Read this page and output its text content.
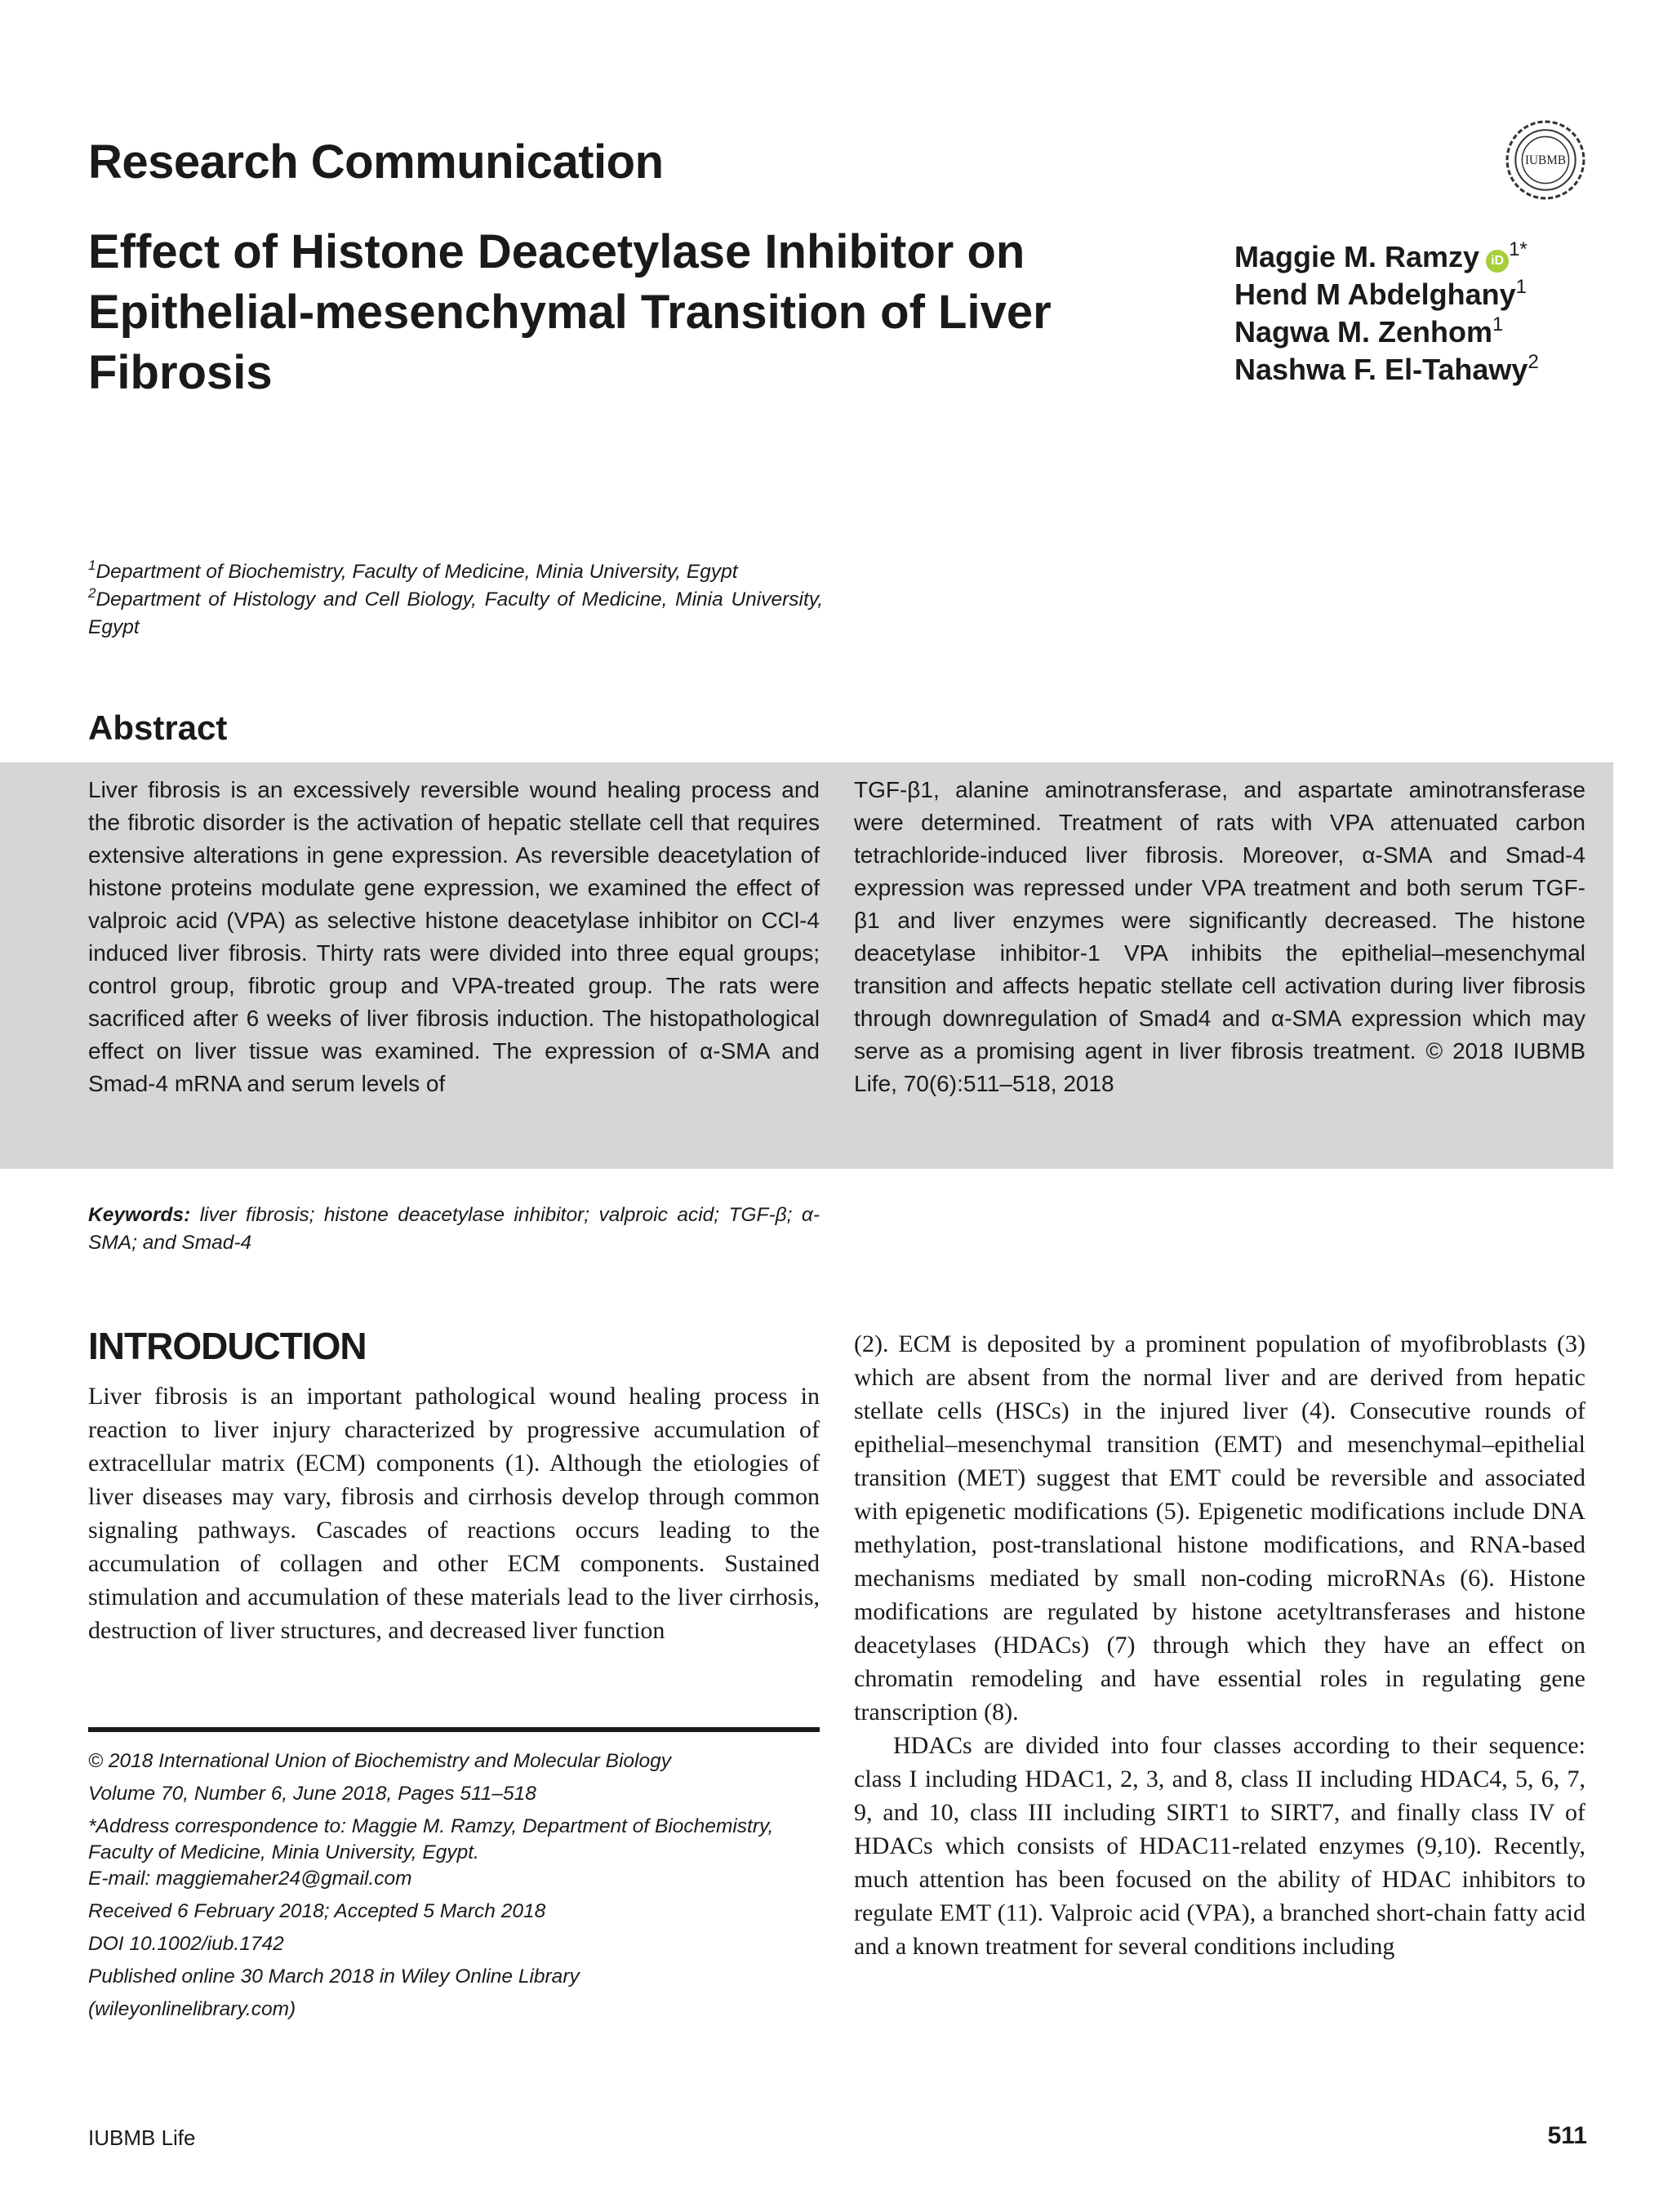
Research Communication	IUBMB
Effect of Histone Deacetylase Inhibitor on Epithelial-mesenchymal Transition of Liver Fibrosis
Maggie M. Ramzy $iD^{1*}$
Hend M Abdelghany$^1$
Nagwa M. Zenhom$^1$
Nashwa F. El-Tahawy$^2$

$^1$Department of Biochemistry, Faculty of Medicine, Minia University, Egypt

$^2$Department of Histology and Cell Biology, Faculty of Medicine, Minia University, Egypt

Abstract

Liver fibrosis is an excessively reversible wound healing process and the fibrotic disorder is the activation of hepatic stellate cell that requires extensive alterations in gene expression. As reversible deacetylation of histone proteins modulate gene expression, we examined the effect of valproic acid (VPA) as selective histone deacetylase inhibitor on CCl-4 induced liver fibrosis. Thirty rats were divided into three equal groups; control group, fibrotic group and VPA-treated group. The rats were sacrificed after 6 weeks of liver fibrosis induction. The histopathological effect on liver tissue was examined. The expression of α-SMA and Smad-4 mRNA and serum levels of

TGF-β1, alanine aminotransferase, and aspartate aminotransferase were determined. Treatment of rats with VPA attenuated carbon tetrachloride-induced liver fibrosis. Moreover, α-SMA and Smad-4 expression was repressed under VPA treatment and both serum TGF-β1 and liver enzymes were significantly decreased. The histone deacetylase inhibitor-1 VPA inhibits the epithelial–mesenchymal transition and affects hepatic stellate cell activation during liver fibrosis through downregulation of Smad4 and α-SMA expression which may serve as a promising agent in liver fibrosis treatment. © 2018 IUBMB Life, 70(6):511–518, 2018

Keywords: liver fibrosis; histone deacetylase inhibitor; valproic acid; TGF-β; α-SMA; and Smad-4
INTRODUCTION

Liver fibrosis is an important pathological wound healing process in reaction to liver injury characterized by progressive accumulation of extracellular matrix (ECM) components (1). Although the etiologies of liver diseases may vary, fibrosis and cirrhosis develop through common signaling pathways. Cascades of reactions occurs leading to the accumulation of collagen and other ECM components. Sustained stimulation and accumulation of these materials lead to the liver cirrhosis, destruction of liver structures, and decreased liver function

(2). ECM is deposited by a prominent population of myofibroblasts (3) which are absent from the normal liver and are derived from hepatic stellate cells (HSCs) in the injured liver (4). Consecutive rounds of epithelial–mesenchymal transition (EMT) and mesenchymal–epithelial transition (MET) suggest that EMT could be reversible and associated with epigenetic modifications (5). Epigenetic modifications include DNA methylation, post-translational histone modifications, and RNA-based mechanisms mediated by small non-coding microRNAs (6). Histone modifications are regulated by histone acetyltransferases and histone deacetylases (HDACs) (7) through which they have an effect on chromatin remodeling and have essential roles in regulating gene transcription (8).

HDACs are divided into four classes according to their sequence: class I including HDAC1, 2, 3, and 8, class II including HDAC4, 5, 6, 7, 9, and 10, class III including SIRT1 to SIRT7, and finally class IV of HDACs which consists of HDAC11-related enzymes (9,10). Recently, much attention has been focused on the ability of HDAC inhibitors to regulate EMT (11). Valproic acid (VPA), a branched short-chain fatty acid and a known treatment for several conditions including

© 2018 International Union of Biochemistry and Molecular Biology

Volume 70, Number 6, June 2018, Pages 511–518

*Address correspondence to: Maggie M. Ramzy, Department of Biochemistry, Faculty of Medicine, Minia University, Egypt.

E-mail: maggiemaher24@gmail.com

Received 6 February 2018; Accepted 5 March 2018

DOI 10.1002/iub.1742

Published online 30 March 2018 in Wiley Online Library

(wileyonlinelibrary.com)

IUBMB Life	511
